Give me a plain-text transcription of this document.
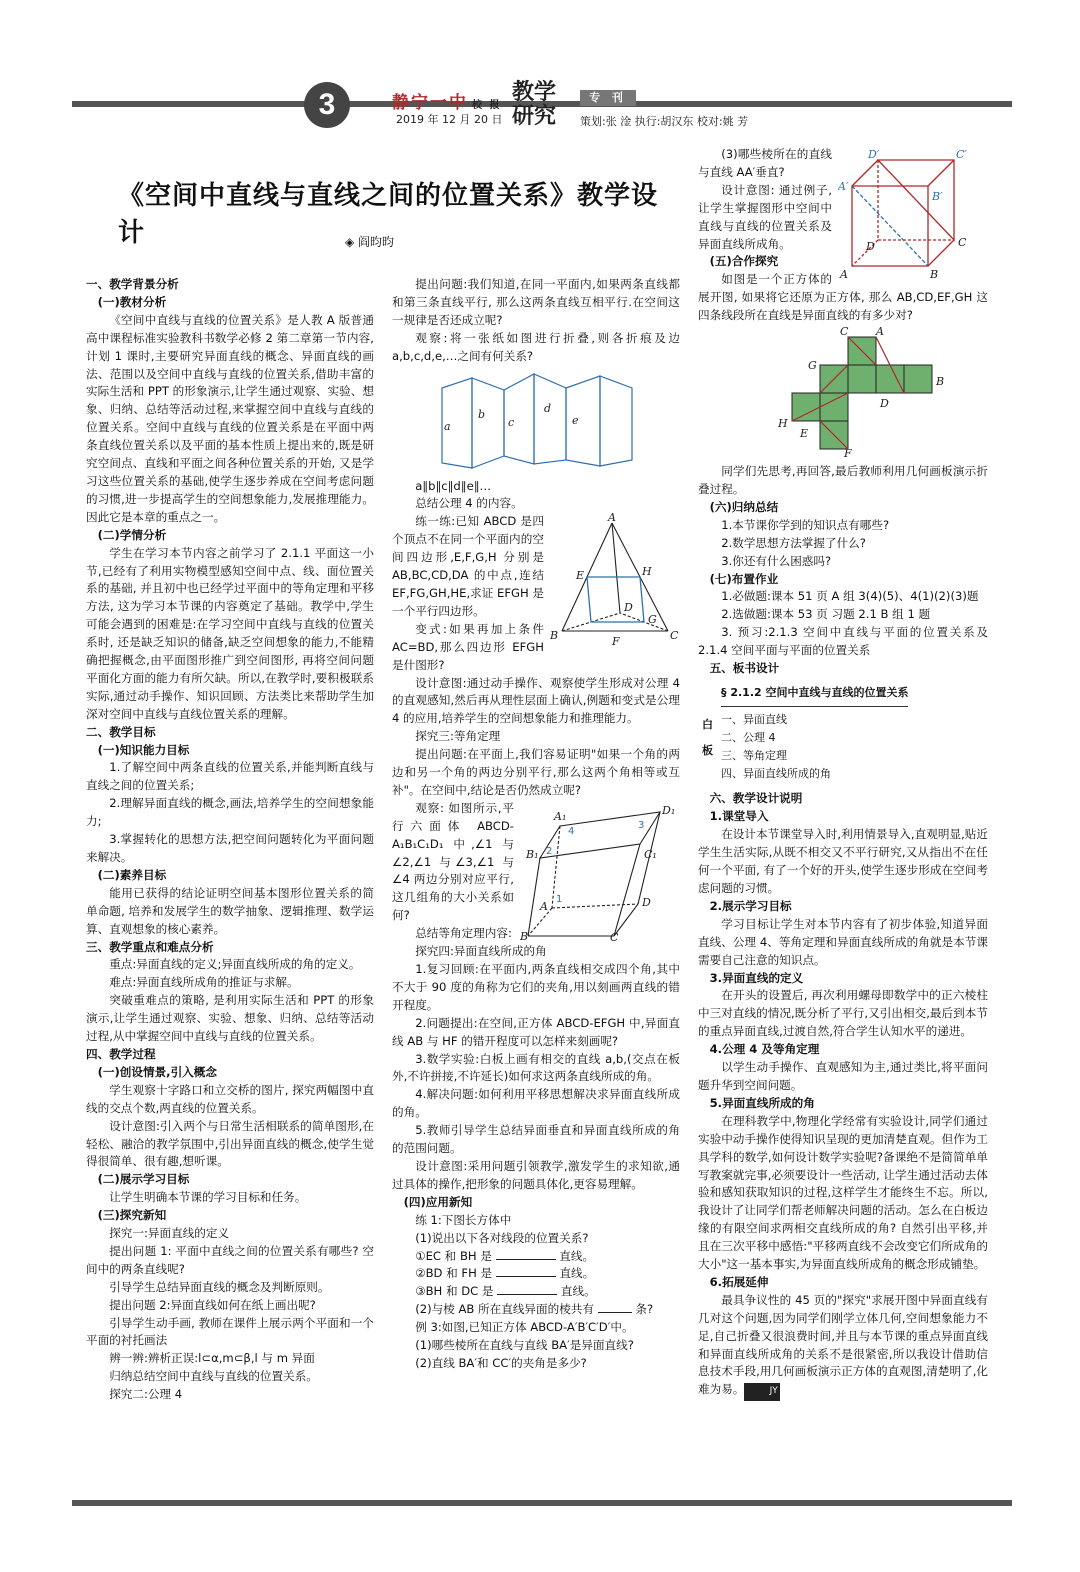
3	静宁一中 校 报
2019 年 12 月 20 日
教学
研究
专 刊
策划:张 淦 执行:胡汉东 校对:姚 芳
《空间中直线与直线之间的位置关系》教学设计	◈ 阎昀昀

一、教学背景分析

(一)教材分析

《空间中直线与直线的位置关系》是人教 A 版普通高中课程标准实验教科书数学必修 2 第二章第一节内容,计划 1 课时,主要研究异面直线的概念、异面直线的画法、范围以及空间中直线与直线的位置关系,借助丰富的实际生活和 PPT 的形象演示,让学生通过观察、实验、想象、归纳、总结等活动过程,来掌握空间中直线与直线的位置关系。空间中直线与直线的位置关系是在平面中两条直线位置关系以及平面的基本性质上提出来的,既是研究空间点、直线和平面之间各种位置关系的开始, 又是学习这些位置关系的基础,使学生逐步养成在空间考虑问题的习惯,进一步提高学生的空间想象能力,发展推理能力。因此它是本章的重点之一。

(二)学情分析

学生在学习本节内容之前学习了 2.1.1 平面这一小节,已经有了利用实物模型感知空间中点、线、面位置关系的基础, 并且初中也已经学过平面中的等角定理和平移方法, 这为学习本节课的内容奠定了基础。教学中,学生可能会遇到的困难是:在学习空间中直线与直线的位置关系时, 还是缺乏知识的储备,缺乏空间想象的能力,不能精确把握概念,由平面图形推广到空间图形, 再将空间问题平面化方面的能力有所欠缺。所以,在教学时,要积极联系实际,通过动手操作、知识回顾、方法类比来帮助学生加深对空间中直线与直线位置关系的理解。

二、教学目标

(一)知识能力目标

1.了解空间中两条直线的位置关系,并能判断直线与直线之间的位置关系;

2.理解异面直线的概念,画法,培养学生的空间想象能力;

3.掌握转化的思想方法,把空间问题转化为平面问题来解决。

(二)素养目标

能用已获得的结论证明空间基本图形位置关系的简单命题, 培养和发展学生的数学抽象、逻辑推理、数学运算、直观想象的核心素养。

三、教学重点和难点分析

重点:异面直线的定义;异面直线所成的角的定义。

难点:异面直线所成角的推证与求解。

突破重难点的策略, 是利用实际生活和 PPT 的形象演示,让学生通过观察、实验、想象、归纳、总结等活动过程,从中掌握空间中直线与直线的位置关系。

四、教学过程

(一)创设情景,引入概念

学生观察十字路口和立交桥的图片, 探究两幅图中直线的交点个数,两直线的位置关系。

设计意图:引入两个与日常生活相联系的简单图形,在轻松、融洽的教学氛围中,引出异面直线的概念,使学生觉得很简单、很有趣,想听课。

(二)展示学习目标

让学生明确本节课的学习目标和任务。

(三)探究新知

探究一:异面直线的定义

提出问题 1: 平面中直线之间的位置关系有哪些? 空间中的两条直线呢?

引导学生总结异面直线的概念及判断原则。

提出问题 2:异面直线如何在纸上画出呢?

引导学生动手画, 教师在课件上展示两个平面和一个平面的衬托画法

辨一辨:辨析正误:l⊂α,m⊂β,l 与 m 异面

归纳总结空间中直线与直线的位置关系。

探究二:公理 4

提出问题:我们知道,在同一平面内,如果两条直线都和第三条直线平行, 那么这两条直线互相平行.在空间这一规律是否还成立呢?

观察:将一张纸如图进行折叠,则各折痕及边 a,b,c,d,e,…之间有何关系?

a
b
c
d
e

a∥b∥c∥d∥e∥…

总结公理 4 的内容。

A
B	C
D
E
F
G
H

练一练:已知 ABCD 是四个顶点不在同一个平面内的空间四边形,E,F,G,H 分别是 AB,BC,CD,DA 的中点,连结 EF,FG,GH,HE,求证 EFGH 是一个平行四边形。

变式:如果再加上条件 AC=BD,那么四边形 EFGH 是什图形?

设计意图:通过动手操作、观察使学生形成对公理 4 的直观感知,然后再从理性层面上确认,例题和变式是公理 4 的应用,培养学生的空间想象能力和推理能力。

探究三:等角定理

提出问题:在平面上,我们容易证明"如果一个角的两边和另一个角的两边分别平行,那么这两个角相等或互补"。在空间中,结论是否仍然成立呢?

A₁
B₁	C₁
D₁
A
B	C
D
1
2
3
4

观察: 如图所示,平行六面体 ABCD-A₁B₁C₁D₁ 中,∠1 与∠2,∠1 与∠3,∠1 与∠4 两边分别对应平行,这几组角的大小关系如何?

总结等角定理内容:

探究四:异面直线所成的角

1.复习回顾:在平面内,两条直线相交成四个角,其中不大于 90 度的角称为它们的夹角,用以刻画两直线的错开程度。

2.问题提出:在空间,正方体 ABCD-EFGH 中,异面直线 AB 与 HF 的错开程度可以怎样来刻画呢?

3.数学实验:白板上画有相交的直线 a,b,(交点在板外,不许拼接,不许延长)如何求这两条直线所成的角。

4.解决问题:如何利用平移思想解决求异面直线所成的角。

5.教师引导学生总结异面垂直和异面直线所成的角的范围问题。

设计意图:采用问题引领教学,激发学生的求知欲,通过具体的操作,把形象的问题具体化,更容易理解。

(四)应用新知

练 1:下图长方体中

(1)说出以下各对线段的位置关系?

①EC 和 BH 是	直线。

②BD 和 FH 是	直线。

③BH 和 DC 是	直线。

(2)与棱 AB 所在直线异面的棱共有	条?

例 3:如图,已知正方体 ABCD-A′B′C′D′中。

(1)哪些棱所在直线与直线 BA′是异面直线?

(2)直线 BA′和 CC′的夹角是多少?

D′	C′
A′
B′
D	C
A	B

(3)哪些棱所在的直线与直线 AA′垂直?

设计意图: 通过例子,让学生掌握图形中空间中直线与直线的位置关系及异面直线所成角。

(五)合作探究

如图是一个正方体的展开图, 如果将它还原为正方体, 那么 AB,CD,EF,GH 这四条线段所在直线是异面直线的有多少对?

C	A
G
B
D
H
E
F

同学们先思考,再回答,最后教师利用几何画板演示折叠过程。

(六)归纳总结

1.本节课你学到的知识点有哪些?

2.数学思想方法掌握了什么?

3.你还有什么困惑吗?

(七)布置作业

1.必做题:课本 51 页 A 组 3(4)(5)、4(1)(2)(3)题

2.选做题:课本 53 页 习题 2.1 B 组 1 题

3. 预习:2.1.3 空间中直线与平面的位置关系及 2.1.4 空间平面与平面的位置关系

五、板书设计

白
板

§ 2.1.2 空间中直线与直线的位置关系
一、异面直线
二、公理 4
三、等角定理
四、异面直线所成的角

六、教学设计说明

1.课堂导入

在设计本节课堂导入时,利用情景导入,直观明显,贴近学生生活实际,从既不相交又不平行研究,又从指出不在任何一个平面, 有了一个好的开头,使学生逐步形成在空间考虑问题的习惯。

2.展示学习目标

学习目标让学生对本节内容有了初步体验,知道异面直线、公理 4、等角定理和异面直线所成的角就是本节课需要自己注意的知识点。

3.异面直线的定义

在开头的设置后, 再次利用螺母即数学中的正六棱柱中三对直线的情况,既分析了平行,又引出相交,最后到本节的重点异面直线,过渡自然,符合学生认知水平的递进。

4.公理 4 及等角定理

以学生动手操作、直观感知为主,通过类比,将平面问题升华到空间问题。

5.异面直线所成的角

在理科教学中,物理化学经常有实验设计,同学们通过实验中动手操作使得知识呈现的更加清楚直观。但作为工具学科的数学,如何设计数学实验呢?备课绝不是简简单单写教案就完事,必须要设计一些活动, 让学生通过活动去体验和感知获取知识的过程,这样学生才能终生不忘。所以,我设计了让同学们帮老师解决问题的活动。怎么在白板边缘的有限空间求两相交直线所成的角? 自然引出平移,并且在三次平移中感悟:"平移两直线不会改变它们所成角的大小"这一基本事实,为异面直线所成角的概念形成铺垫。

6.拓展延伸

最具争议性的 45 页的"探究"求展开图中异面直线有几对这个问题,因为同学们刚学立体几何,空间想象能力不足,自己折叠又很浪费时间,并且与本节课的重点异面直线和异面直线所成角的关系不是很紧密,所以我设计借助信息技术手段,用几何画板演示正方体的直观图,清楚明了,化难为易。	JY
